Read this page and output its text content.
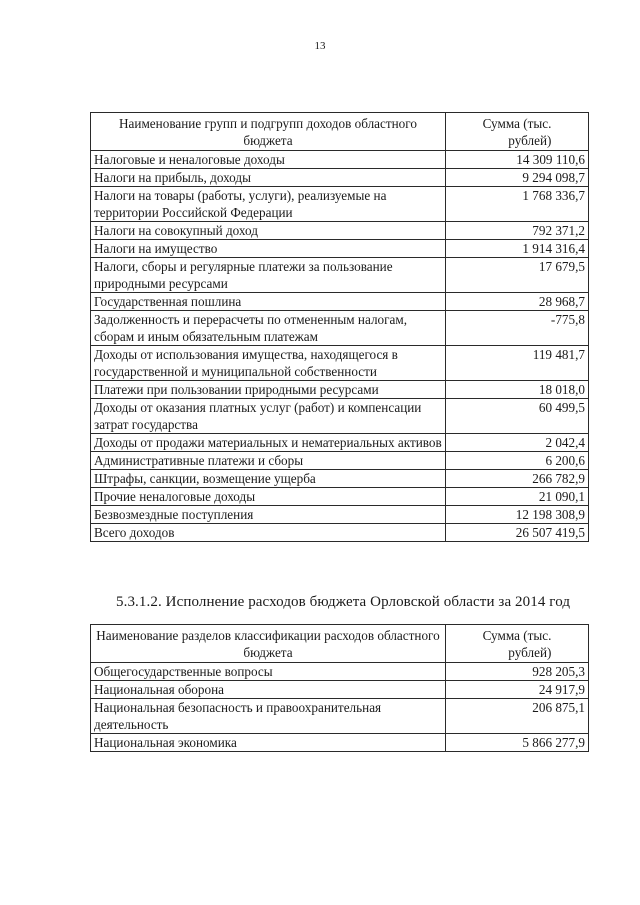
13
Наименование групп и подгрупп доходов областного бюджета	Сумма (тыс.
рублей)
Налоговые и неналоговые доходы	14 309 110,6
Налоги на прибыль, доходы	9 294 098,7
Налоги на товары (работы, услуги), реализуемые на территории Российской Федерации	1 768 336,7
Налоги на совокупный доход	792 371,2
Налоги на имущество	1 914 316,4
Налоги, сборы и регулярные платежи за пользование природными ресурсами	17 679,5
Государственная пошлина	28 968,7
Задолженность и перерасчеты по отмененным налогам, сборам и иным обязательным платежам	-775,8
Доходы от использования имущества, находящегося в государственной и муниципальной собственности	119 481,7
Платежи при пользовании природными ресурсами	18 018,0
Доходы от оказания платных услуг (работ) и компенсации затрат государства	60 499,5
Доходы от продажи материальных и нематериальных активов	2 042,4
Административные платежи и сборы	6 200,6
Штрафы, санкции, возмещение ущерба	266 782,9
Прочие неналоговые доходы	21 090,1
Безвозмездные поступления	12 198 308,9
Всего доходов	26 507 419,5
5.3.1.2. Исполнение расходов бюджета Орловской области за 2014 год
Наименование разделов классификации расходов областного бюджета	Сумма (тыс.
рублей)
Общегосударственные вопросы	928 205,3
Национальная оборона	24 917,9
Национальная безопасность и правоохранительная деятельность	206 875,1
Национальная экономика	5 866 277,9
